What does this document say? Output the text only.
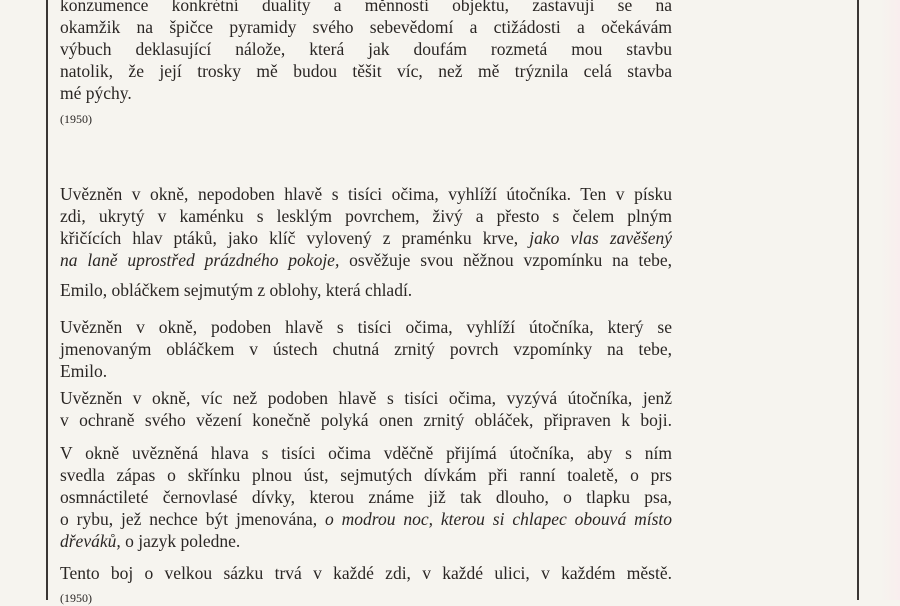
konzumence konkrétní duality a měnnosti objektu, zastavuji se na
okamžik na špičce pyramidy svého sebevědomí a ctižádosti a očekávám
výbuch deklasující nálože, která jak doufám rozmetá mou stavbu
natolik, že její trosky mě budou těšit víc, než mě trýznila celá stavba
mé pýchy.
(1950)
Uvězněn v okně, nepodoben hlavě s tisíci očima, vyhlíží útočníka. Ten v písku
zdi, ukrytý v kaménku s lesklým povrchem, živý a přesto s čelem plným
křičících hlav ptáků, jako klíč vylovený z praménku krve, jako vlas zavěšený
na laně uprostřed prázdného pokoje, osvěžuje svou něžnou vzpomínku na tebe,
Emilo, obláčkem sejmutým z oblohy, která chladí.
Uvězněn v okně, podoben hlavě s tisíci očima, vyhlíží útočníka, který se
jmenovaným obláčkem v ústech chutná zrnitý povrch vzpomínky na tebe,
Emilo.
Uvězněn v okně, víc než podoben hlavě s tisíci očima, vyzývá útočníka, jenž
v ochraně svého vězení konečně polyká onen zrnitý obláček, připraven k boji.
V okně uvězněná hlava s tisíci očima vděčně přijímá útočníka, aby s ním
svedla zápas o skřínku plnou úst, sejmutých dívkám při ranní toaletě, o prs
osmnáctileté černovlasé dívky, kterou známe již tak dlouho, o tlapku psa,
o rybu, jež nechce být jmenována, o modrou noc, kterou si chlapec obouvá místo
dřeváků, o jazyk poledne.
Tento boj o velkou sázku trvá v každé zdi, v každé ulici, v každém městě.
(1950)
